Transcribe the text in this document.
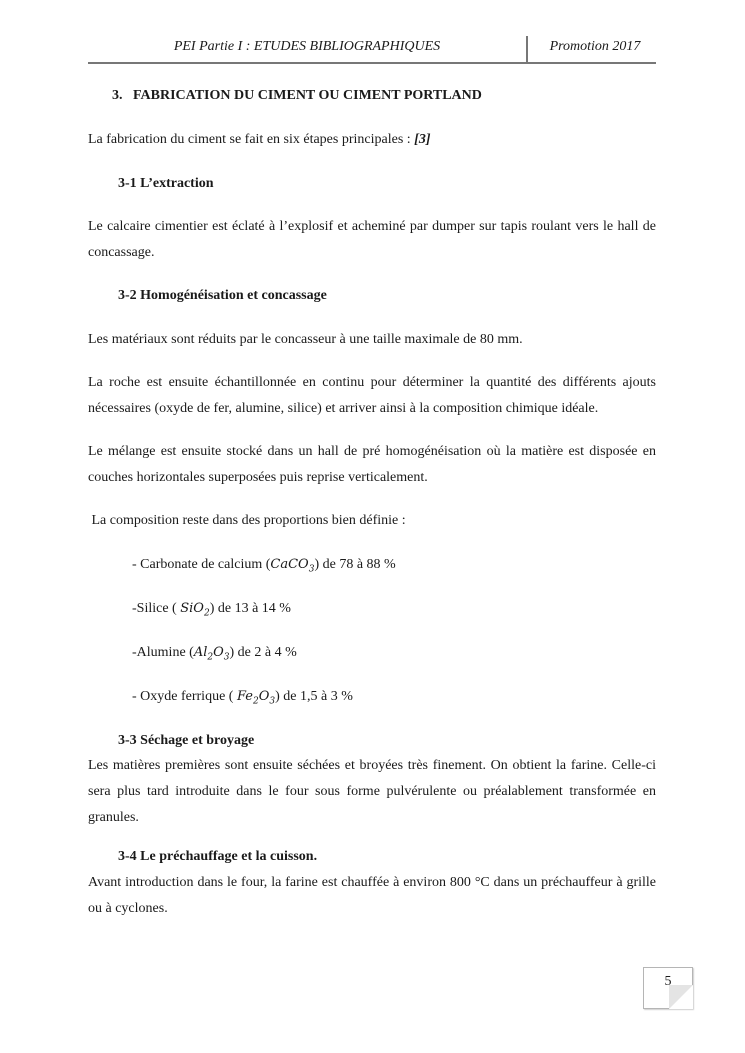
PEI Partie I : ETUDES BIBLIOGRAPHIQUES	Promotion 2017
3. FABRICATION DU CIMENT OU CIMENT PORTLAND
La fabrication du ciment se fait en six étapes principales : [3]
3-1 L’extraction
Le calcaire cimentier est éclaté à l’explosif et acheminé par dumper sur tapis roulant vers le hall de concassage.
3-2 Homogénéisation et concassage
Les matériaux sont réduits par le concasseur à une taille maximale de 80 mm.
La roche est ensuite échantillonnée en continu pour déterminer la quantité des différents ajouts nécessaires (oxyde de fer, alumine, silice) et arriver ainsi à la composition chimique idéale.
Le mélange est ensuite stocké dans un hall de pré homogénéisation où la matière est disposée en couches horizontales superposées puis reprise verticalement.
La composition reste dans des proportions bien définie :
- Carbonate de calcium (CaCO$_3$) de 78 à 88 %
-Silice ( SiO$_2$) de 13 à 14 %
-Alumine $(Al_2O_3)$ de 2 à 4 %
- Oxyde ferrique ( $Fe_2O_3$) de 1,5 à 3 %
3-3 Séchage et broyage
Les matières premières sont ensuite séchées et broyées très finement. On obtient la farine. Celle-ci sera plus tard introduite dans le four sous forme pulvérulente ou préalablement transformée en granules.
3-4 Le préchauffage et la cuisson.
Avant introduction dans le four, la farine est chauffée à environ 800 °C dans un préchauffeur à grille ou à cyclones.
5
